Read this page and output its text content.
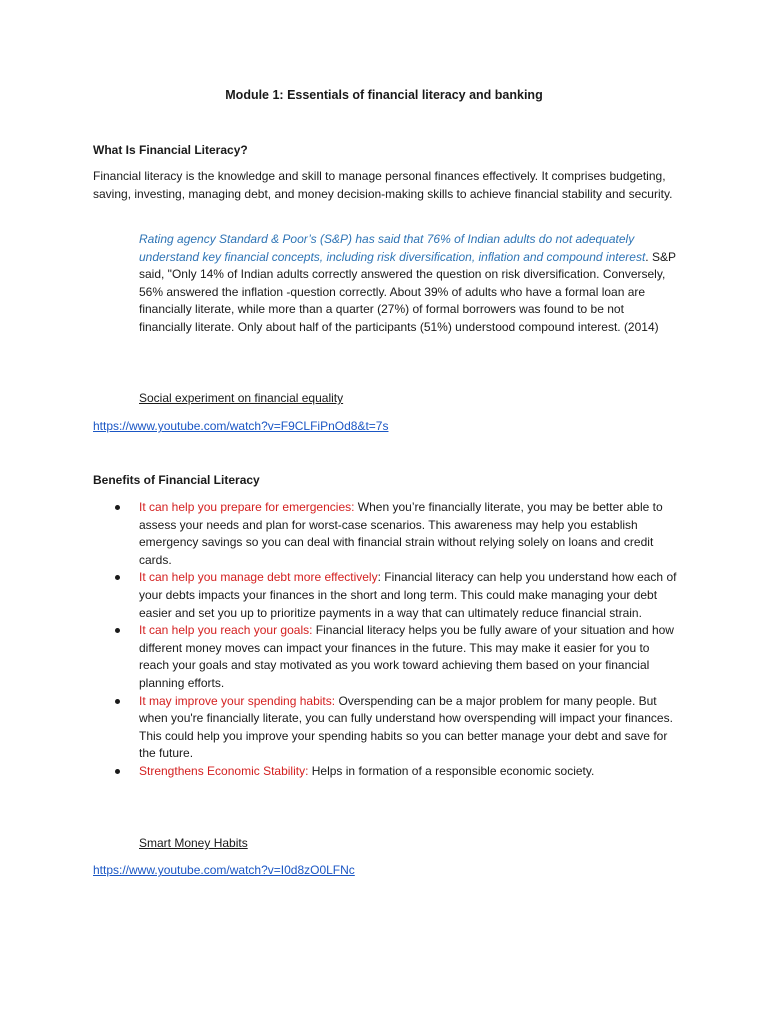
Module 1: Essentials of financial literacy and banking
What Is Financial Literacy?
Financial literacy is the knowledge and skill to manage personal finances effectively. It comprises budgeting, saving, investing, managing debt, and money decision-making skills to achieve financial stability and security.
Rating agency Standard & Poor’s (S&P) has said that 76% of Indian adults do not adequately understand key financial concepts, including risk diversification, inflation and compound interest. S&P said, "Only 14% of Indian adults correctly answered the question on risk diversification. Conversely, 56% answered the inflation -question correctly. About 39% of adults who have a formal loan are financially literate, while more than a quarter (27%) of formal borrowers was found to be not financially literate. Only about half of the participants (51%) understood compound interest. (2014)
Social experiment on financial equality
https://www.youtube.com/watch?v=F9CLFiPnOd8&t=7s
Benefits of Financial Literacy
It can help you prepare for emergencies: When you’re financially literate, you may be better able to assess your needs and plan for worst-case scenarios. This awareness may help you establish emergency savings so you can deal with financial strain without relying solely on loans and credit cards.
It can help you manage debt more effectively: Financial literacy can help you understand how each of your debts impacts your finances in the short and long term. This could make managing your debt easier and set you up to prioritize payments in a way that can ultimately reduce financial strain.
It can help you reach your goals: Financial literacy helps you be fully aware of your situation and how different money moves can impact your finances in the future. This may make it easier for you to reach your goals and stay motivated as you work toward achieving them based on your financial planning efforts.
It may improve your spending habits: Overspending can be a major problem for many people. But when you're financially literate, you can fully understand how overspending will impact your finances. This could help you improve your spending habits so you can better manage your debt and save for the future.
Strengthens Economic Stability: Helps in formation of a responsible economic society.
Smart Money Habits
https://www.youtube.com/watch?v=I0d8zO0LFNc
